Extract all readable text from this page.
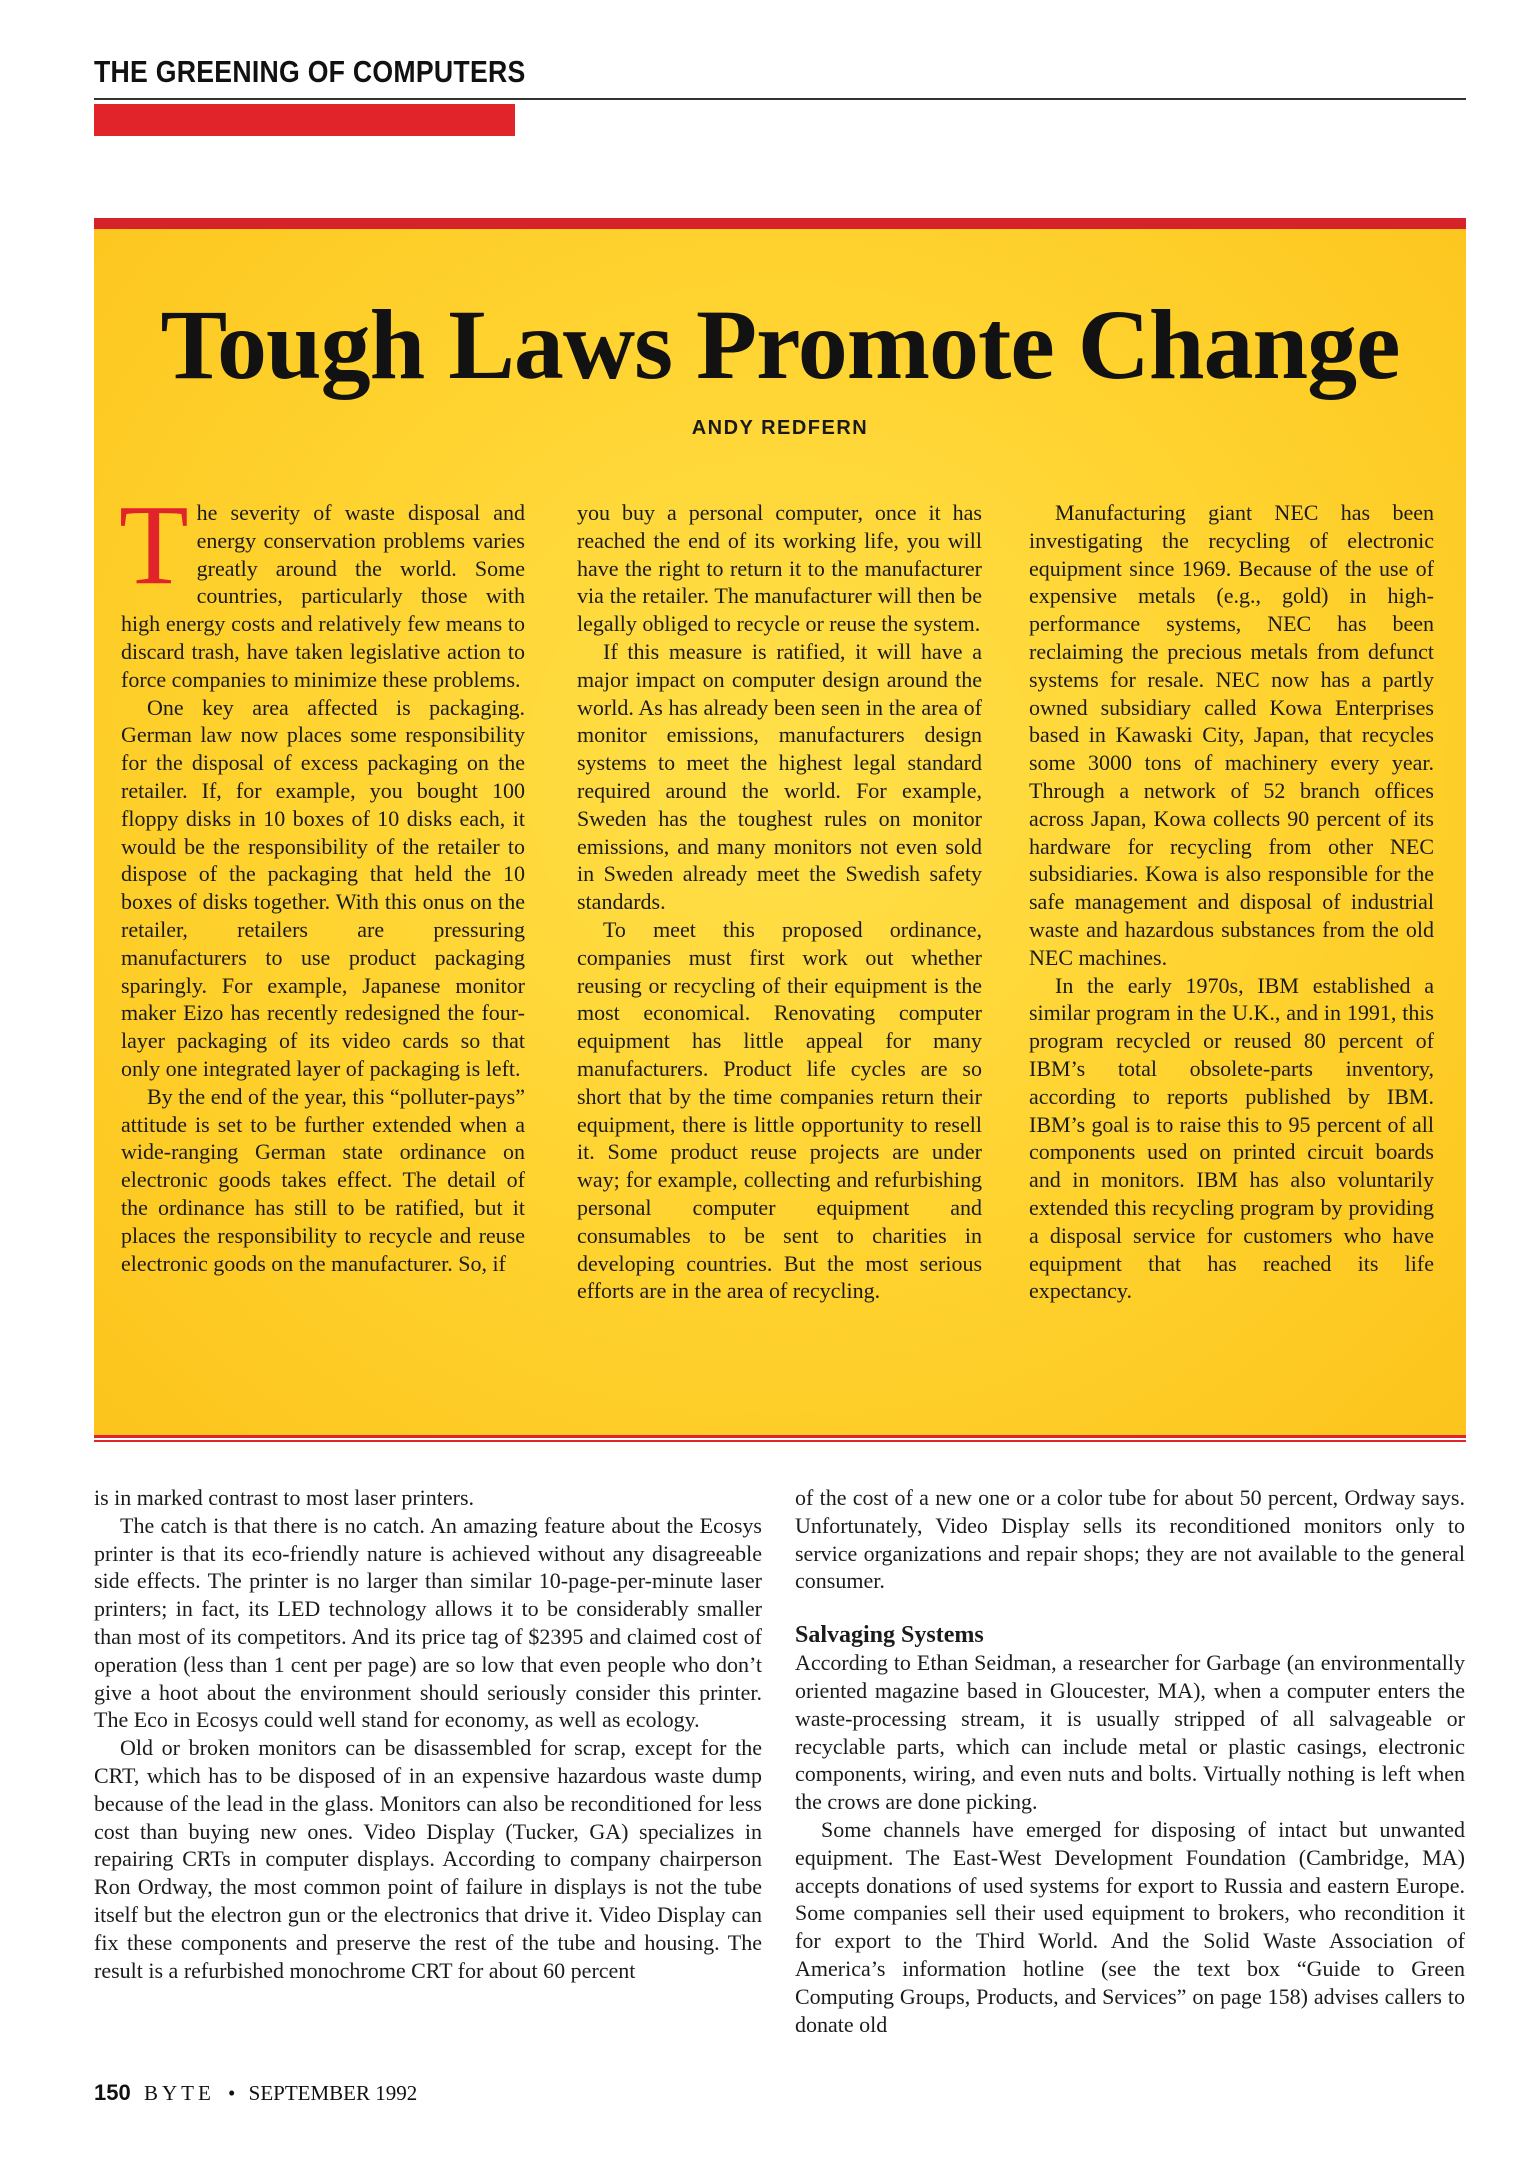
THE GREENING OF COMPUTERS
Tough Laws Promote Change
ANDY REDFERN

The severity of waste disposal and energy conservation problems varies greatly around the world. Some countries, particularly those with high energy costs and relatively few means to discard trash, have taken legislative action to force companies to minimize these problems.

One key area affected is packaging. German law now places some responsibility for the disposal of excess packaging on the retailer. If, for example, you bought 100 floppy disks in 10 boxes of 10 disks each, it would be the responsibility of the retailer to dispose of the packaging that held the 10 boxes of disks together. With this onus on the retailer, retailers are pressuring manufacturers to use product packaging sparingly. For example, Japanese monitor maker Eizo has recently redesigned the four-layer packaging of its video cards so that only one integrated layer of packaging is left.

By the end of the year, this “polluter-pays” attitude is set to be further extended when a wide-ranging German state ordinance on electronic goods takes effect. The detail of the ordinance has still to be ratified, but it places the responsibility to recycle and reuse electronic goods on the manufacturer. So, if

you buy a personal computer, once it has reached the end of its working life, you will have the right to return it to the manufacturer via the retailer. The manufacturer will then be legally obliged to recycle or reuse the system.

If this measure is ratified, it will have a major impact on computer design around the world. As has already been seen in the area of monitor emissions, manufacturers design systems to meet the highest legal standard required around the world. For example, Sweden has the toughest rules on monitor emissions, and many monitors not even sold in Sweden already meet the Swedish safety standards.

To meet this proposed ordinance, companies must first work out whether reusing or recycling of their equipment is the most economical. Renovating computer equipment has little appeal for many manufacturers. Product life cycles are so short that by the time companies return their equipment, there is little opportunity to resell it. Some product reuse projects are under way; for example, collecting and refurbishing personal computer equipment and consumables to be sent to charities in developing countries. But the most serious efforts are in the area of recycling.

Manufacturing giant NEC has been investigating the recycling of electronic equipment since 1969. Because of the use of expensive metals (e.g., gold) in high-performance systems, NEC has been reclaiming the precious metals from defunct systems for resale. NEC now has a partly owned subsidiary called Kowa Enterprises based in Kawaski City, Japan, that recycles some 3000 tons of machinery every year. Through a network of 52 branch offices across Japan, Kowa collects 90 percent of its hardware for recycling from other NEC subsidiaries. Kowa is also responsible for the safe management and disposal of industrial waste and hazardous substances from the old NEC machines.

In the early 1970s, IBM established a similar program in the U.K., and in 1991, this program recycled or reused 80 percent of IBM’s total obsolete-parts inventory, according to reports published by IBM. IBM’s goal is to raise this to 95 percent of all components used on printed circuit boards and in monitors. IBM has also voluntarily extended this recycling program by providing a disposal service for customers who have equipment that has reached its life expectancy.

is in marked contrast to most laser printers.

The catch is that there is no catch. An amazing feature about the Ecosys printer is that its eco-friendly nature is achieved without any disagreeable side effects. The printer is no larger than similar 10-page-per-minute laser printers; in fact, its LED technology allows it to be considerably smaller than most of its competitors. And its price tag of $2395 and claimed cost of operation (less than 1 cent per page) are so low that even people who don’t give a hoot about the environment should seriously consider this printer. The Eco in Ecosys could well stand for economy, as well as ecology.

Old or broken monitors can be disassembled for scrap, except for the CRT, which has to be disposed of in an expensive hazardous waste dump because of the lead in the glass. Monitors can also be reconditioned for less cost than buying new ones. Video Display (Tucker, GA) specializes in repairing CRTs in computer displays. According to company chairperson Ron Ordway, the most common point of failure in displays is not the tube itself but the electron gun or the electronics that drive it. Video Display can fix these components and preserve the rest of the tube and housing. The result is a refurbished monochrome CRT for about 60 percent

of the cost of a new one or a color tube for about 50 percent, Ordway says. Unfortunately, Video Display sells its reconditioned monitors only to service organizations and repair shops; they are not available to the general consumer.

Salvaging Systems

According to Ethan Seidman, a researcher for Garbage (an environmentally oriented magazine based in Gloucester, MA), when a computer enters the waste-processing stream, it is usually stripped of all salvageable or recyclable parts, which can include metal or plastic casings, electronic components, wiring, and even nuts and bolts. Virtually nothing is left when the crows are done picking.

Some channels have emerged for disposing of intact but unwanted equipment. The East-West Development Foundation (Cambridge, MA) accepts donations of used systems for export to Russia and eastern Europe. Some companies sell their used equipment to brokers, who recondition it for export to the Third World. And the Solid Waste Association of America’s information hotline (see the text box “Guide to Green Computing Groups, Products, and Services” on page 158) advises callers to donate old

150 BYTE • SEPTEMBER 1992
